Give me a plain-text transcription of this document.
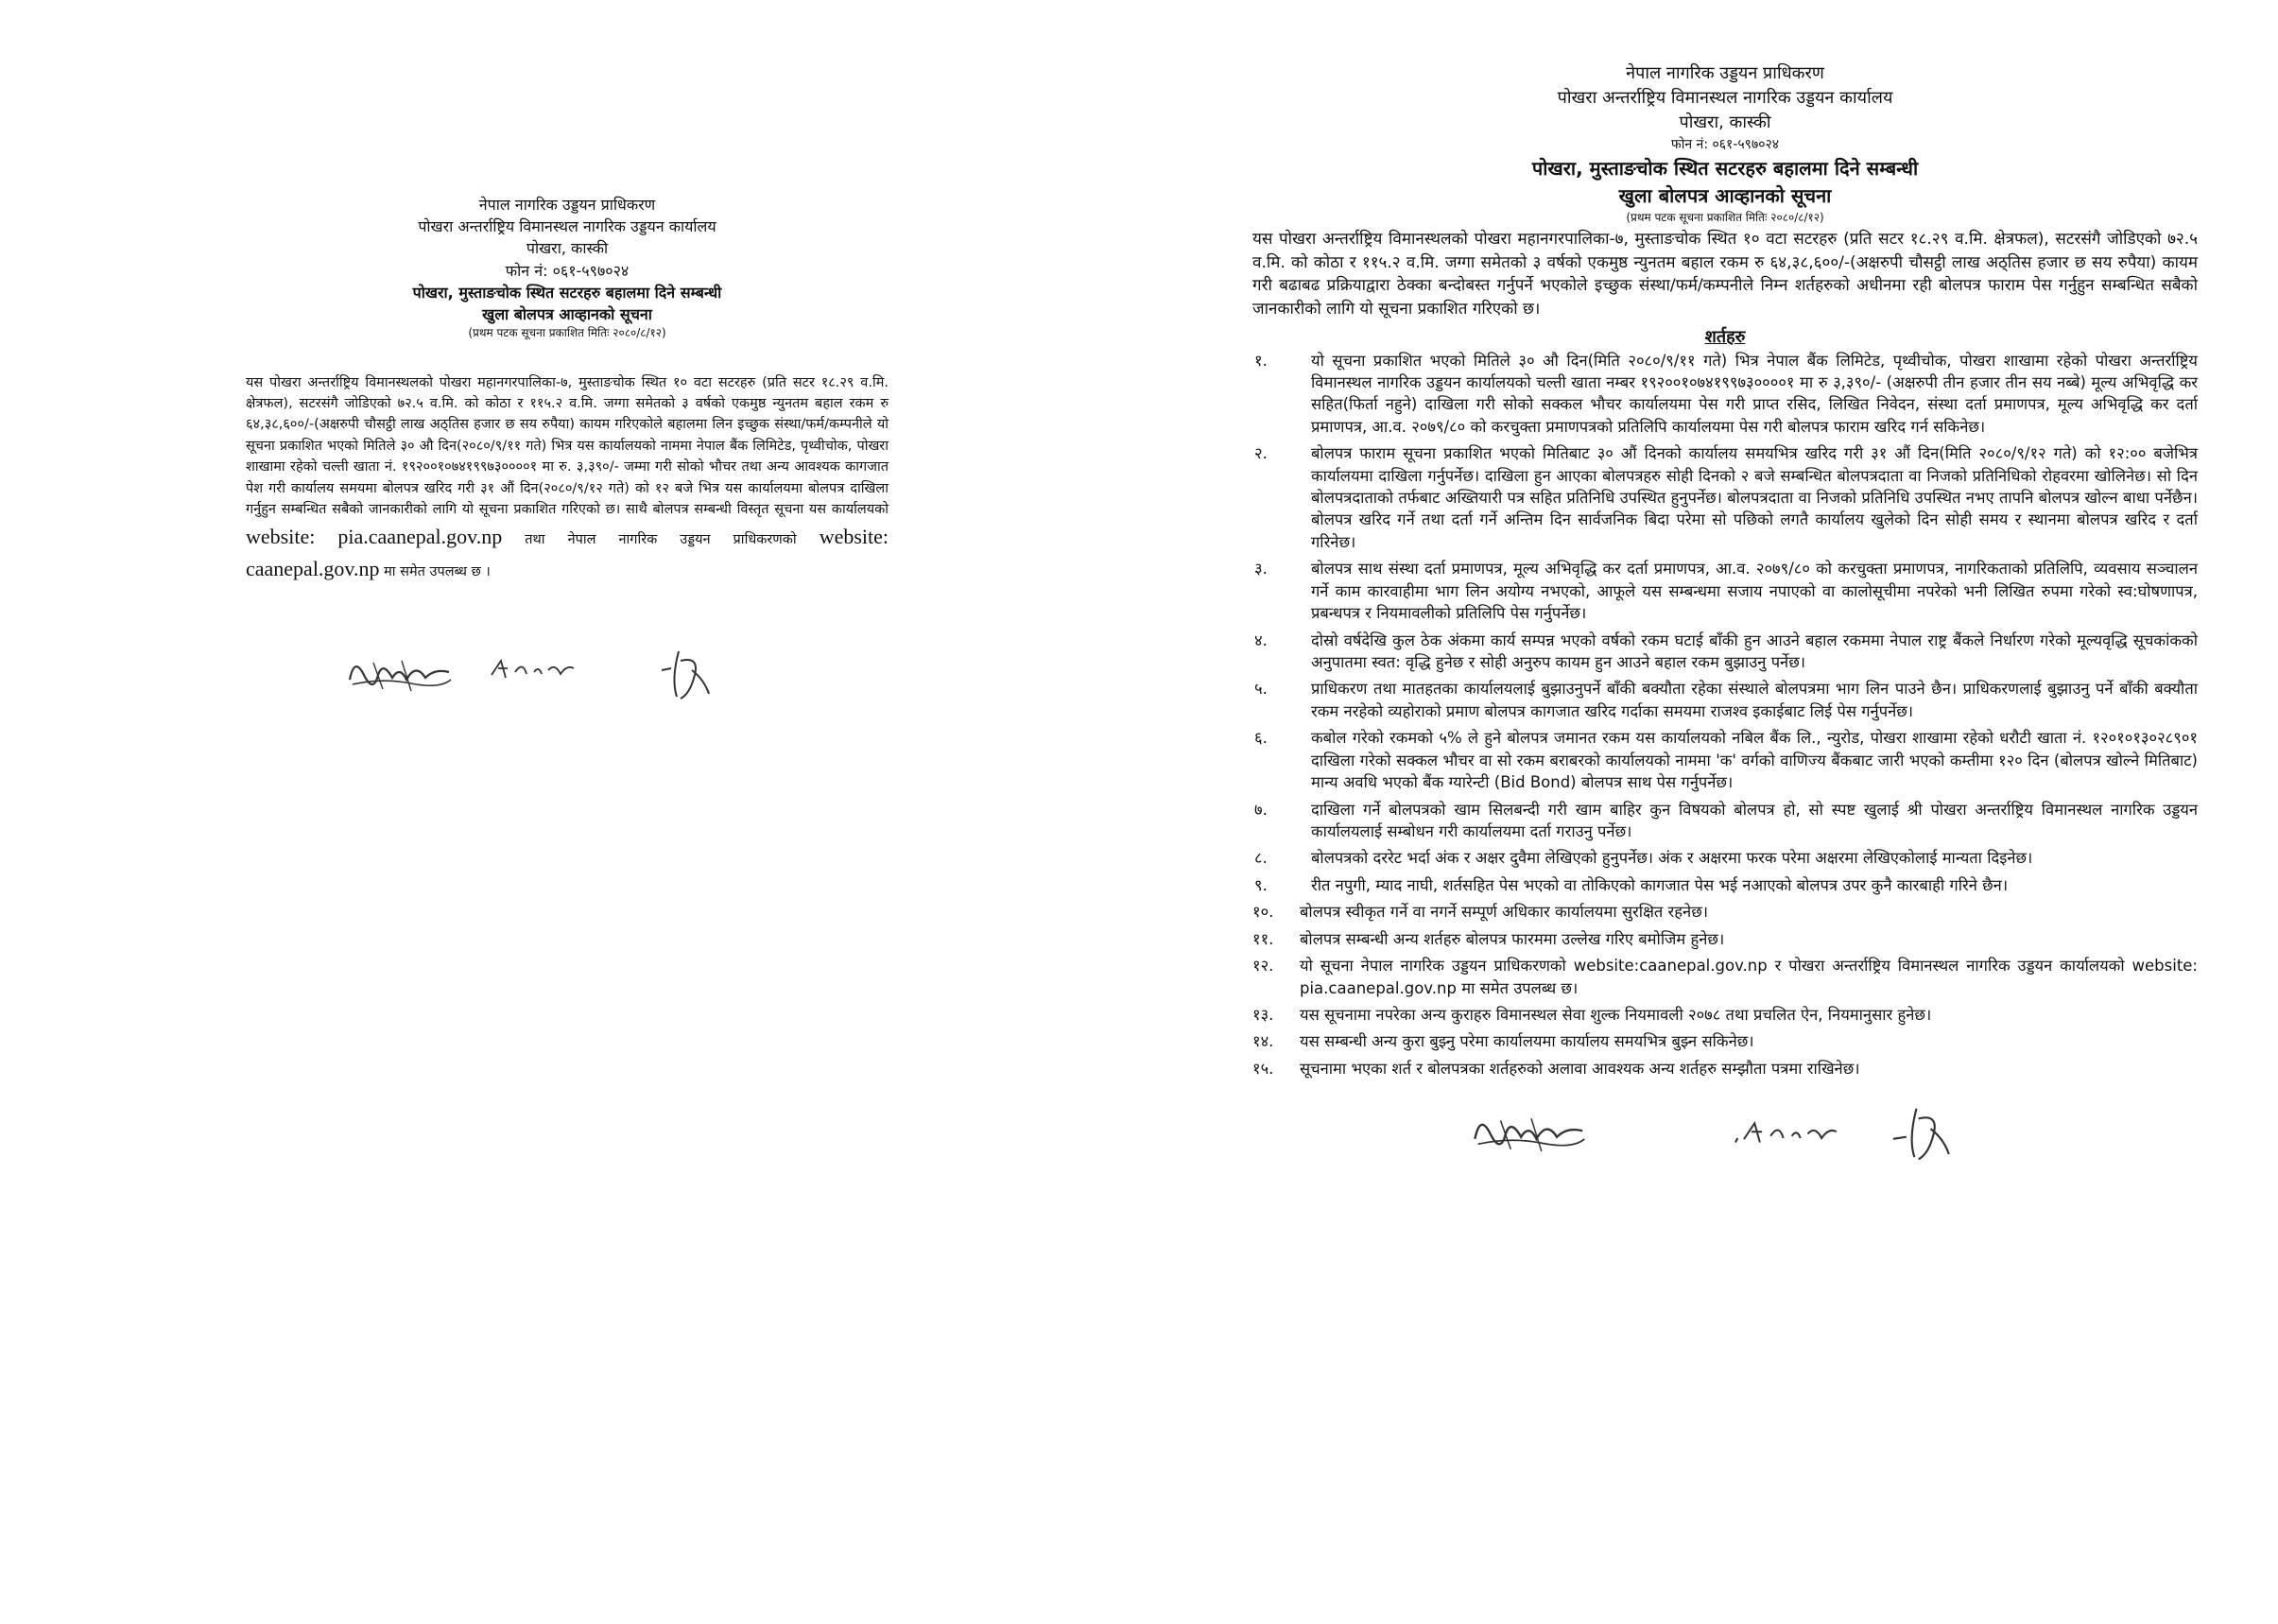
नेपाल नागरिक उड्डयन प्राधिकरण
पोखरा अन्तर्राष्ट्रिय विमानस्थल नागरिक उड्डयन कार्यालय
पोखरा, कास्की
फोन नं: ०६१-५९७०२४
पोखरा, मुस्ताङचोक स्थित सटरहरु बहालमा दिने सम्बन्धी
खुला बोलपत्र आव्हानको सूचना
(प्रथम पटक सूचना प्रकाशित मितिः २०८०/८/१२)
यस पोखरा अन्तर्राष्ट्रिय विमानस्थलको पोखरा महानगरपालिका-७, मुस्ताङचोक स्थित १० वटा सटरहरु (प्रति सटर १८.२९ व.मि. क्षेत्रफल), सटरसंगै जोडिएको ७२.५ व.मि. को कोठा र ११५.२ व.मि. जग्गा समेतको ३ वर्षको एकमुष्ठ न्युनतम बहाल रकम रु ६४,३८,६००/-(अक्षरुपी चौसट्ठी लाख अठ्तिस हजार छ सय रुपैया) कायम गरिएकोले बहालमा लिन इच्छुक संस्था/फर्म/कम्पनीले यो सूचना प्रकाशित भएको मितिले ३० औ दिन(२०८०/९/११ गते) भित्र यस कार्यालयको नाममा नेपाल बैंक लिमिटेड, पृथ्वीचोक, पोखरा शाखामा रहेको चल्ती खाता नं. १९२००१०७४१९९७३००००१ मा रु. ३,३९०/- जम्मा गरी सोको भौचर तथा अन्य आवश्यक कागजात पेश गरी कार्यालय समयमा बोलपत्र खरिद गरी ३१ औं दिन(२०८०/९/१२ गते) को १२ बजे भित्र यस कार्यालयमा बोलपत्र दाखिला गर्नुहुन सम्बन्धित सबैको जानकारीको लागि यो सूचना प्रकाशित गरिएको छ। साथै बोलपत्र सम्बन्धी विस्तृत सूचना यस कार्यालयको website: pia.caanepal.gov.np तथा नेपाल नागरिक उड्डयन प्राधिकरणको website: caanepal.gov.np मा समेत उपलब्ध छ ।
नेपाल नागरिक उड्डयन प्राधिकरण
पोखरा अन्तर्राष्ट्रिय विमानस्थल नागरिक उड्डयन कार्यालय
पोखरा, कास्की
फोन नं: ०६१-५९७०२४
पोखरा, मुस्ताङचोक स्थित सटरहरु बहालमा दिने सम्बन्धी
खुला बोलपत्र आव्हानको सूचना
(प्रथम पटक सूचना प्रकाशित मितिः २०८०/८/१२)
यस पोखरा अन्तर्राष्ट्रिय विमानस्थलको पोखरा महानगरपालिका-७, मुस्ताङचोक स्थित १० वटा सटरहरु (प्रति सटर १८.२९ व.मि. क्षेत्रफल), सटरसंगै जोडिएको ७२.५ व.मि. को कोठा र ११५.२ व.मि. जग्गा समेतको ३ वर्षको एकमुष्ठ न्युनतम बहाल रकम रु ६४,३८,६००/-(अक्षरुपी चौसट्ठी लाख अठ्तिस हजार छ सय रुपैया) कायम गरी बढाबढ प्रक्रियाद्वारा ठेक्का बन्दोबस्त गर्नुपर्ने भएकोले इच्छुक संस्था/फर्म/कम्पनीले निम्न शर्तहरुको अधीनमा रही बोलपत्र फाराम पेस गर्नुहुन सम्बन्धित सबैको जानकारीको लागि यो सूचना प्रकाशित गरिएको छ।
शर्तहरु
१.	यो सूचना प्रकाशित भएको मितिले ३० औ दिन(मिति २०८०/९/११ गते) भित्र नेपाल बैंक लिमिटेड, पृथ्वीचोक, पोखरा शाखामा रहेको पोखरा अन्तर्राष्ट्रिय विमानस्थल नागरिक उड्डयन कार्यालयको चल्ती खाता नम्बर १९२००१०७४१९९७३००००१ मा रु ३,३९०/- (अक्षरुपी तीन हजार तीन सय नब्बे) मूल्य अभिवृद्धि कर सहित(फिर्ता नहुने) दाखिला गरी सोको सक्कल भौचर कार्यालयमा पेस गरी प्राप्त रसिद, लिखित निवेदन, संस्था दर्ता प्रमाणपत्र, मूल्य अभिवृद्धि कर दर्ता प्रमाणपत्र, आ.व. २०७९/८० को करचुक्ता प्रमाणपत्रको प्रतिलिपि कार्यालयमा पेस गरी बोलपत्र फाराम खरिद गर्न सकिनेछ।
२.	बोलपत्र फाराम सूचना प्रकाशित भएको मितिबाट ३० औं दिनको कार्यालय समयभित्र खरिद गरी ३१ औं दिन(मिति २०८०/९/१२ गते) को १२:०० बजेभित्र कार्यालयमा दाखिला गर्नुपर्नेछ। दाखिला हुन आएका बोलपत्रहरु सोही दिनको २ बजे सम्बन्धित बोलपत्रदाता वा निजको प्रतिनिधिको रोहवरमा खोलिनेछ। सो दिन बोलपत्रदाताको तर्फबाट अख्तियारी पत्र सहित प्रतिनिधि उपस्थित हुनुपर्नेछ। बोलपत्रदाता वा निजको प्रतिनिधि उपस्थित नभए तापनि बोलपत्र खोल्न बाधा पर्नेछैन। बोलपत्र खरिद गर्ने तथा दर्ता गर्ने अन्तिम दिन सार्वजनिक बिदा परेमा सो पछिको लगतै कार्यालय खुलेको दिन सोही समय र स्थानमा बोलपत्र खरिद र दर्ता गरिनेछ।
३.	बोलपत्र साथ संस्था दर्ता प्रमाणपत्र, मूल्य अभिवृद्धि कर दर्ता प्रमाणपत्र, आ.व. २०७९/८० को करचुक्ता प्रमाणपत्र, नागरिकताको प्रतिलिपि, व्यवसाय सञ्चालन गर्ने काम कारवाहीमा भाग लिन अयोग्य नभएको, आफूले यस सम्बन्धमा सजाय नपाएको वा कालोसूचीमा नपरेको भनी लिखित रुपमा गरेको स्व:घोषणापत्र, प्रबन्धपत्र र नियमावलीको प्रतिलिपि पेस गर्नुपर्नेछ।
४.	दोस्रो वर्षदेखि कुल ठेक अंकमा कार्य सम्पन्न भएको वर्षको रकम घटाई बाँकी हुन आउने बहाल रकममा नेपाल राष्ट्र बैंकले निर्धारण गरेको मूल्यवृद्धि सूचकांकको अनुपातमा स्वत: वृद्धि हुनेछ र सोही अनुरुप कायम हुन आउने बहाल रकम बुझाउनु पर्नेछ।
५.	प्राधिकरण तथा मातहतका कार्यालयलाई बुझाउनुपर्ने बाँकी बक्यौता रहेका संस्थाले बोलपत्रमा भाग लिन पाउने छैन। प्राधिकरणलाई बुझाउनु पर्ने बाँकी बक्यौता रकम नरहेको व्यहोराको प्रमाण बोलपत्र कागजात खरिद गर्दाका समयमा राजश्व इकाईबाट लिई पेस गर्नुपर्नेछ।
६.	कबोल गरेको रकमको ५% ले हुने बोलपत्र जमानत रकम यस कार्यालयको नबिल बैंक लि., न्युरोड, पोखरा शाखामा रहेको धरौटी खाता नं. १२०१०१३०२८९०१ दाखिला गरेको सक्कल भौचर वा सो रकम बराबरको कार्यालयको नाममा 'क' वर्गको वाणिज्य बैंकबाट जारी भएको कम्तीमा १२० दिन (बोलपत्र खोल्ने मितिबाट) मान्य अवधि भएको बैंक ग्यारेन्टी (Bid Bond) बोलपत्र साथ पेस गर्नुपर्नेछ।
७.	दाखिला गर्ने बोलपत्रको खाम सिलबन्दी गरी खाम बाहिर कुन विषयको बोलपत्र हो, सो स्पष्ट खुलाई श्री पोखरा अन्तर्राष्ट्रिय विमानस्थल नागरिक उड्डयन कार्यालयलाई सम्बोधन गरी कार्यालयमा दर्ता गराउनु पर्नेछ।
८.	बोलपत्रको दररेट भर्दा अंक र अक्षर दुवैमा लेखिएको हुनुपर्नेछ। अंक र अक्षरमा फरक परेमा अक्षरमा लेखिएकोलाई मान्यता दिइनेछ।
९.	रीत नपुगी, म्याद नाघी, शर्तसहित पेस भएको वा तोकिएको कागजात पेस भई नआएको बोलपत्र उपर कुनै कारबाही गरिने छैन।
१०.	बोलपत्र स्वीकृत गर्ने वा नगर्ने सम्पूर्ण अधिकार कार्यालयमा सुरक्षित रहनेछ।
११.	बोलपत्र सम्बन्धी अन्य शर्तहरु बोलपत्र फारममा उल्लेख गरिए बमोजिम हुनेछ।
१२.	यो सूचना नेपाल नागरिक उड्डयन प्राधिकरणको website:caanepal.gov.np र पोखरा अन्तर्राष्ट्रिय विमानस्थल नागरिक उड्डयन कार्यालयको website: pia.caanepal.gov.np मा समेत उपलब्ध छ।
१३.	यस सूचनामा नपरेका अन्य कुराहरु विमानस्थल सेवा शुल्क नियमावली २०७८ तथा प्रचलित ऐन, नियमानुसार हुनेछ।
१४.	यस सम्बन्धी अन्य कुरा बुझ्नु परेमा कार्यालयमा कार्यालय समयभित्र बुझ्न सकिनेछ।
१५.	सूचनामा भएका शर्त र बोलपत्रका शर्तहरुको अलावा आवश्यक अन्य शर्तहरु सम्झौता पत्रमा राखिनेछ।
